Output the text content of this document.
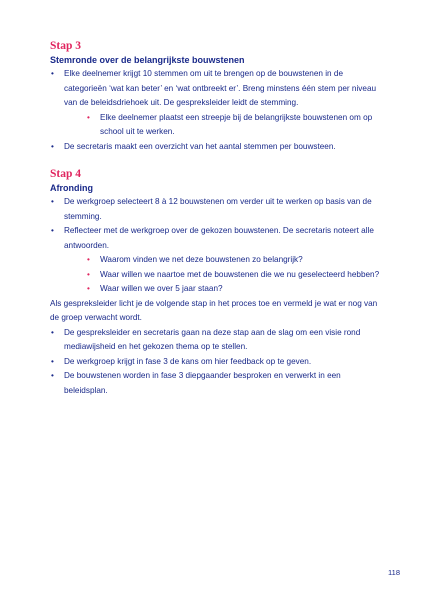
Stap 3
Stemronde over de belangrijkste bouwstenen
• Elke deelnemer krijgt 10 stemmen om uit te brengen op de bouwstenen in de categorieën ‘wat kan beter’ en ‘wat ontbreekt er’. Breng minstens één stem per niveau van de beleidsdriehoek uit. De gespreksleider leidt de stemming.
• Elke deelnemer plaatst een streepje bij de belangrijkste bouwstenen om op school uit te werken.
• De secretaris maakt een overzicht van het aantal stemmen per bouwsteen.
Stap 4
Afronding
• De werkgroep selecteert 8 à 12 bouwstenen om verder uit te werken op basis van de stemming.
• Reflecteer met de werkgroep over de gekozen bouwstenen. De secretaris noteert alle antwoorden.
• Waarom vinden we net deze bouwstenen zo belangrijk?
• Waar willen we naartoe met de bouwstenen die we nu geselecteerd hebben?
• Waar willen we over 5 jaar staan?

Als gespreksleider licht je de volgende stap in het proces toe en vermeld je wat er nog van de groep verwacht wordt.

• De gespreksleider en secretaris gaan na deze stap aan de slag om een visie rond mediawijsheid en het gekozen thema op te stellen.
• De werkgroep krijgt in fase 3 de kans om hier feedback op te geven.
• De bouwstenen worden in fase 3 diepgaander besproken en verwerkt in een beleidsplan.
118
